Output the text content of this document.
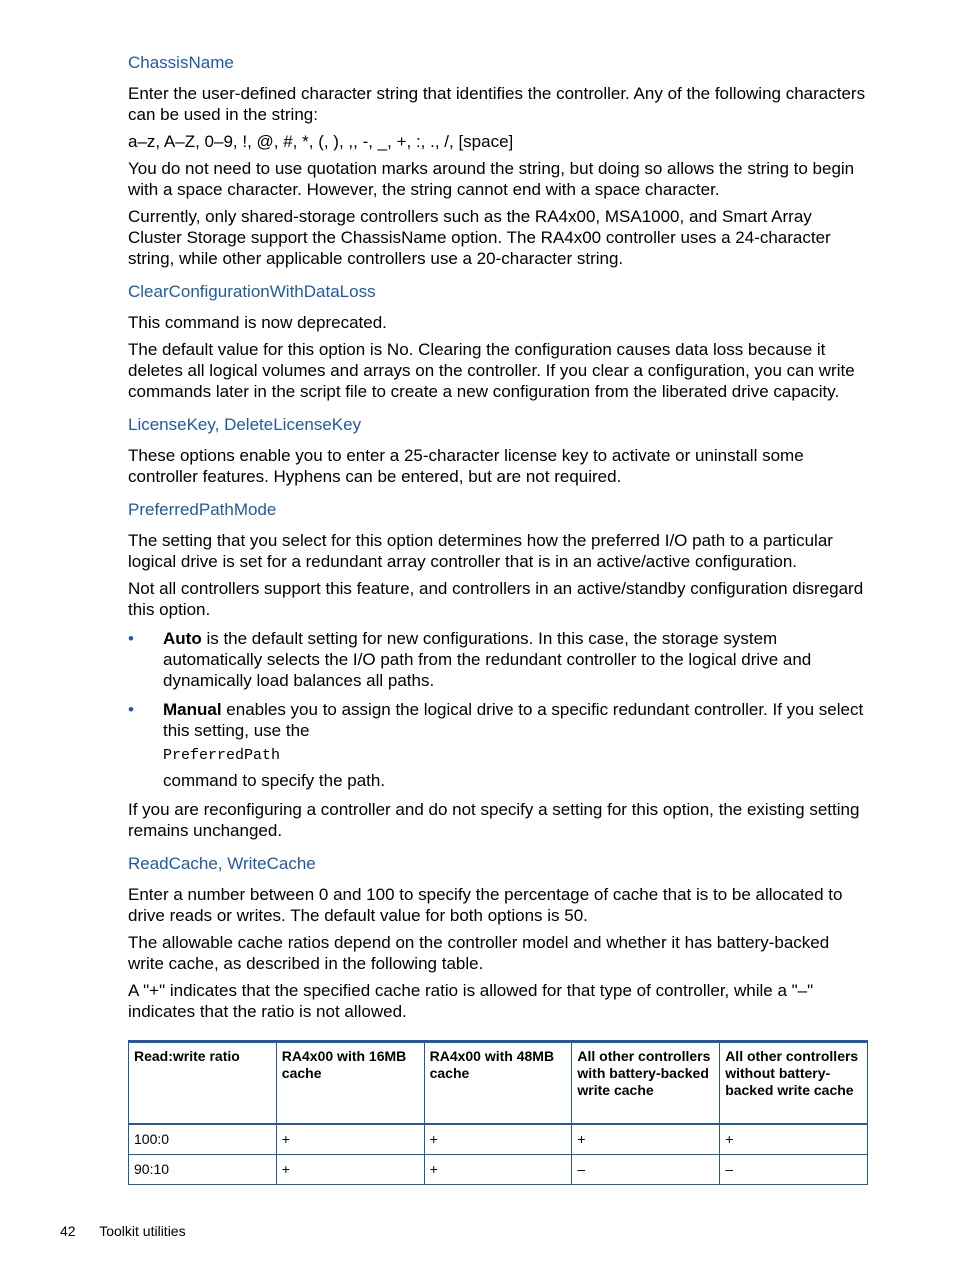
ChassisName

Enter the user-defined character string that identifies the controller. Any of the following characters can be used in the string:

a–z, A–Z, 0–9, !, @, #, *, (, ), ,, -, _, +, :, ., /, [space]

You do not need to use quotation marks around the string, but doing so allows the string to begin with a space character. However, the string cannot end with a space character.

Currently, only shared-storage controllers such as the RA4x00, MSA1000, and Smart Array Cluster Storage support the ChassisName option. The RA4x00 controller uses a 24-character string, while other applicable controllers use a 20-character string.

ClearConfigurationWithDataLoss

This command is now deprecated.

The default value for this option is No. Clearing the configuration causes data loss because it deletes all logical volumes and arrays on the controller. If you clear a configuration, you can write commands later in the script file to create a new configuration from the liberated drive capacity.

LicenseKey, DeleteLicenseKey

These options enable you to enter a 25-character license key to activate or uninstall some controller features. Hyphens can be entered, but are not required.

PreferredPathMode

The setting that you select for this option determines how the preferred I/O path to a particular logical drive is set for a redundant array controller that is in an active/active configuration.

Not all controllers support this feature, and controllers in an active/standby configuration disregard this option.

• Auto is the default setting for new configurations. In this case, the storage system automatically selects the I/O path from the redundant controller to the logical drive and dynamically load balances all paths.
• Manual enables you to assign the logical drive to a specific redundant controller. If you select this setting, use the
PreferredPath
command to specify the path.

If you are reconfiguring a controller and do not specify a setting for this option, the existing setting remains unchanged.

ReadCache, WriteCache

Enter a number between 0 and 100 to specify the percentage of cache that is to be allocated to drive reads or writes. The default value for both options is 50.

The allowable cache ratios depend on the controller model and whether it has battery-backed write cache, as described in the following table.

A "+" indicates that the specified cache ratio is allowed for that type of controller, while a "–" indicates that the ratio is not allowed.

Read:write ratio	RA4x00 with 16MB cache	RA4x00 with 48MB cache	All other controllers with battery-backed write cache	All other controllers without battery-backed write cache
100:0	+	+	+	+
90:10	+	+	–	–
42 Toolkit utilities
